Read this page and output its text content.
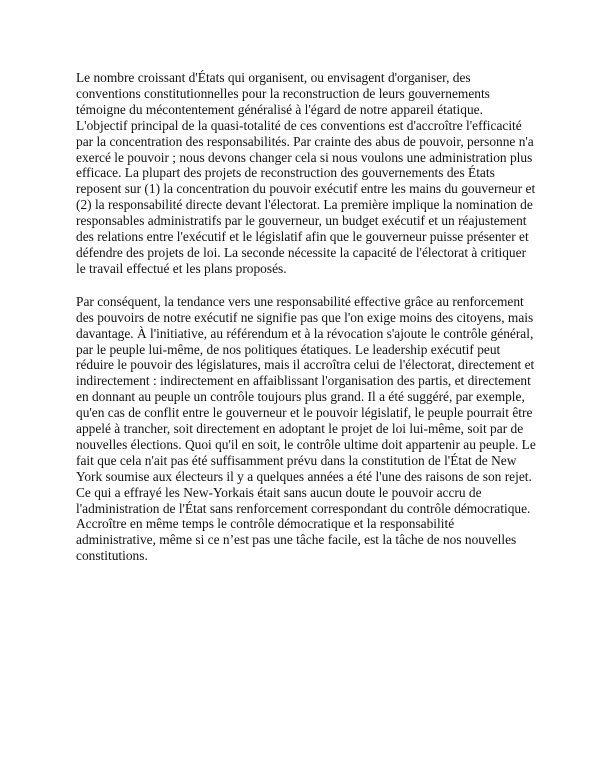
Le nombre croissant d'États qui organisent, ou envisagent d'organiser, des conventions constitutionnelles pour la reconstruction de leurs gouvernements témoigne du mécontentement généralisé à l'égard de notre appareil étatique. L'objectif principal de la quasi-totalité de ces conventions est d'accroître l'efficacité par la concentration des responsabilités. Par crainte des abus de pouvoir, personne n'a exercé le pouvoir ; nous devons changer cela si nous voulons une administration plus efficace. La plupart des projets de reconstruction des gouvernements des États reposent sur (1) la concentration du pouvoir exécutif entre les mains du gouverneur et (2) la responsabilité directe devant l'électorat. La première implique la nomination de responsables administratifs par le gouverneur, un budget exécutif et un réajustement des relations entre l'exécutif et le législatif afin que le gouverneur puisse présenter et défendre des projets de loi. La seconde nécessite la capacité de l'électorat à critiquer le travail effectué et les plans proposés.

Par conséquent, la tendance vers une responsabilité effective grâce au renforcement des pouvoirs de notre exécutif ne signifie pas que l'on exige moins des citoyens, mais davantage. À l'initiative, au référendum et à la révocation s'ajoute le contrôle général, par le peuple lui-même, de nos politiques étatiques. Le leadership exécutif peut réduire le pouvoir des législatures, mais il accroîtra celui de l'électorat, directement et indirectement : indirectement en affaiblissant l'organisation des partis, et directement en donnant au peuple un contrôle toujours plus grand. Il a été suggéré, par exemple, qu'en cas de conflit entre le gouverneur et le pouvoir législatif, le peuple pourrait être appelé à trancher, soit directement en adoptant le projet de loi lui-même, soit par de nouvelles élections. Quoi qu'il en soit, le contrôle ultime doit appartenir au peuple. Le fait que cela n'ait pas été suffisamment prévu dans la constitution de l'État de New York soumise aux électeurs il y a quelques années a été l'une des raisons de son rejet. Ce qui a effrayé les New-Yorkais était sans aucun doute le pouvoir accru de l'administration de l'État sans renforcement correspondant du contrôle démocratique. Accroître en même temps le contrôle démocratique et la responsabilité administrative, même si ce n’est pas une tâche facile, est la tâche de nos nouvelles constitutions.
